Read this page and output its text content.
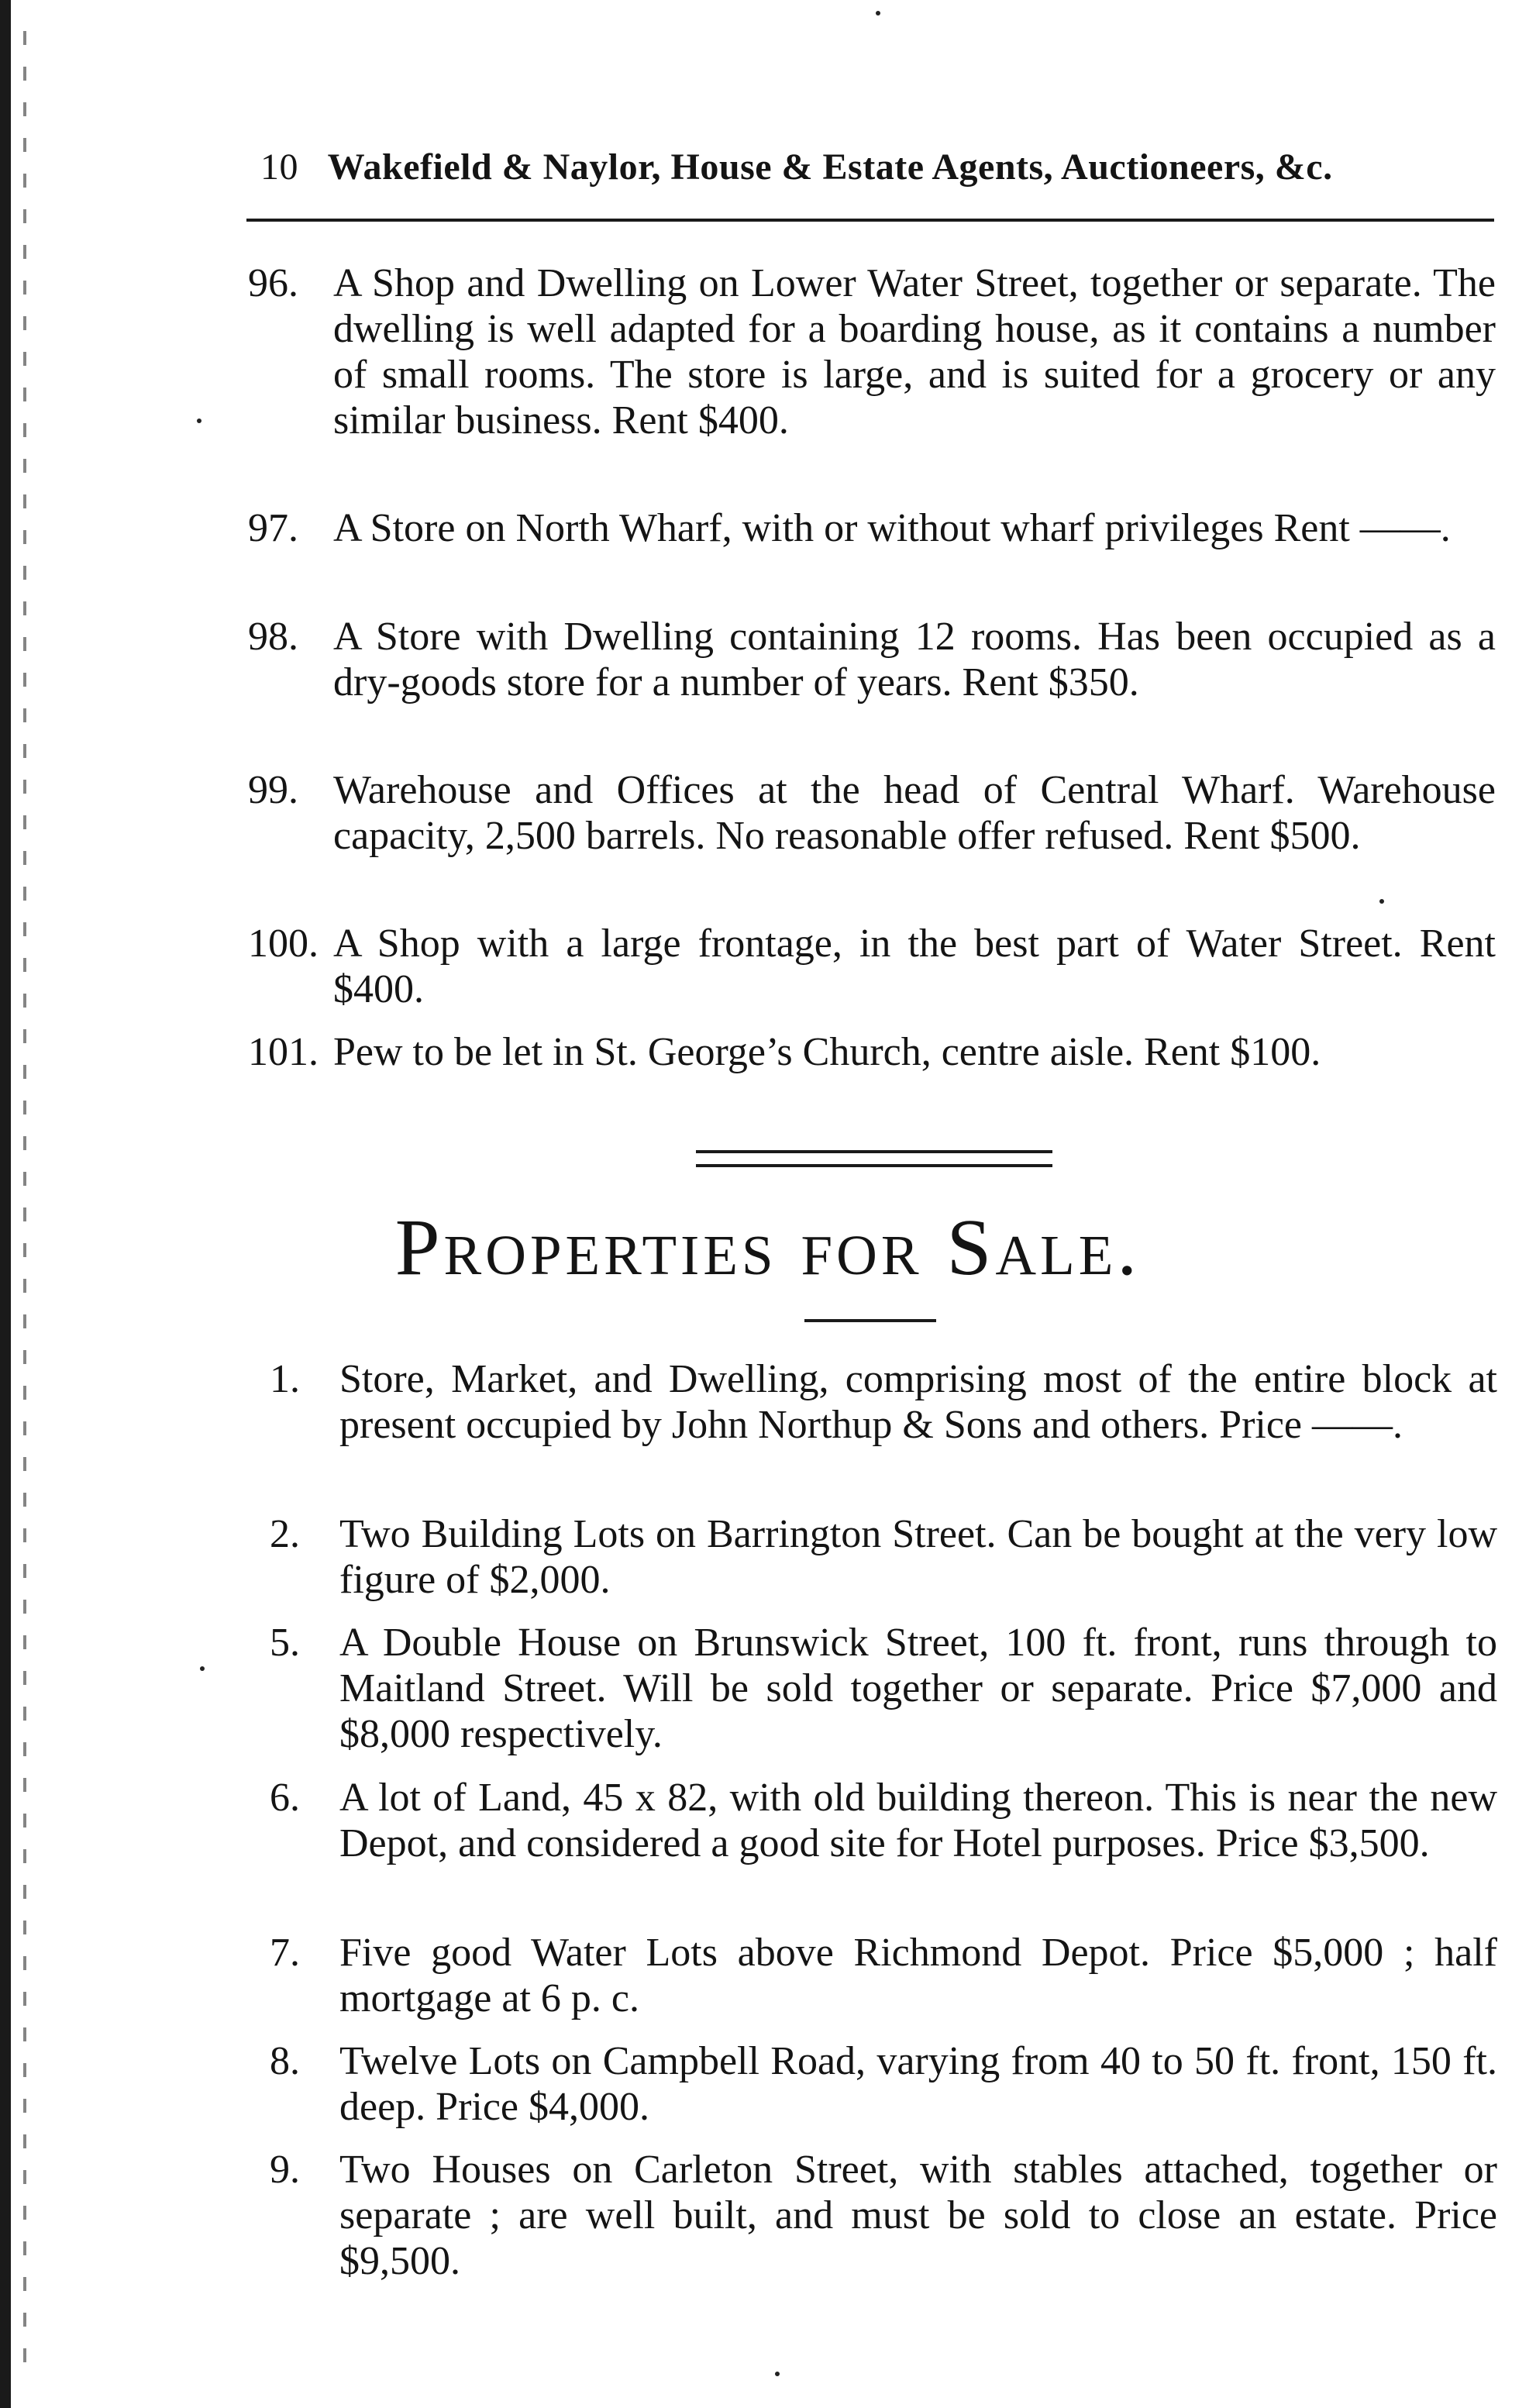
10 Wakefield & Naylor, House & Estate Agents, Auctioneers, &c.
96. A Shop and Dwelling on Lower Water Street, together or separate. The dwelling is well adapted for a boarding house, as it contains a number of small rooms. The store is large, and is suited for a grocery or any similar business. Rent $400.
97. A Store on North Wharf, with or without wharf privileges Rent ——.
98. A Store with Dwelling containing 12 rooms. Has been occupied as a dry-goods store for a number of years. Rent $350.
99. Warehouse and Offices at the head of Central Wharf. Warehouse capacity, 2,500 barrels. No reasonable offer refused. Rent $500.
100. A Shop with a large frontage, in the best part of Water Street. Rent $400.
101. Pew to be let in St. George’s Church, centre aisle. Rent $100.
Properties for Sale.
1. Store, Market, and Dwelling, comprising most of the entire block at present occupied by John Northup & Sons and others. Price ——.
2. Two Building Lots on Barrington Street. Can be bought at the very low figure of $2,000.
5. A Double House on Brunswick Street, 100 ft. front, runs through to Maitland Street. Will be sold together or separate. Price $7,000 and $8,000 respectively.
6. A lot of Land, 45 x 82, with old building thereon. This is near the new Depot, and considered a good site for Hotel purposes. Price $3,500.
7. Five good Water Lots above Richmond Depot. Price $5,000 ; half mortgage at 6 p. c.
8. Twelve Lots on Campbell Road, varying from 40 to 50 ft. front, 150 ft. deep. Price $4,000.
9. Two Houses on Carleton Street, with stables attached, together or separate ; are well built, and must be sold to close an estate. Price $9,500.
